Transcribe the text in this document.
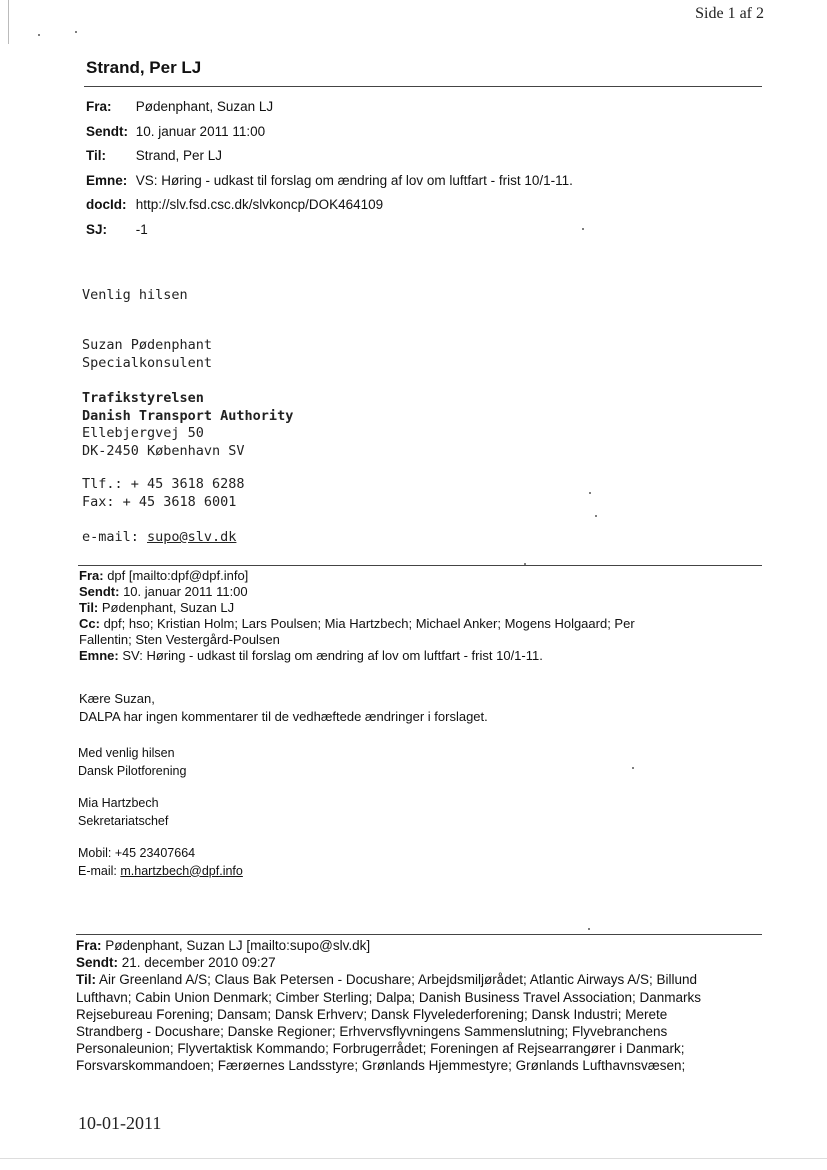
Side 1 af 2
Strand, Per LJ
Fra: Pødenphant, Suzan LJ
Sendt: 10. januar 2011 11:00
Til: Strand, Per LJ
Emne: VS: Høring - udkast til forslag om ændring af lov om luftfart - frist 10/1-11.
docId: http://slv.fsd.csc.dk/slvkoncp/DOK464109
SJ: -1
Venlig hilsen
Suzan Pødenphant
Specialkonsulent
Trafikstyrelsen
Danish Transport Authority
Ellebjergvej 50
DK-2450 København SV
Tlf.: + 45 3618 6288
Fax: + 45 3618 6001
e-mail: supo@slv.dk
Fra: dpf [mailto:dpf@dpf.info]
Sendt: 10. januar 2011 11:00
Til: Pødenphant, Suzan LJ
Cc: dpf; hso; Kristian Holm; Lars Poulsen; Mia Hartzbech; Michael Anker; Mogens Holgaard; Per Fallentin; Sten Vestergård-Poulsen
Emne: SV: Høring - udkast til forslag om ændring af lov om luftfart - frist 10/1-11.
Kære Suzan,
DALPA har ingen kommentarer til de vedhæftede ændringer i forslaget.
Med venlig hilsen
Dansk Pilotforening
Mia Hartzbech
Sekretariatschef
Mobil: +45 23407664
E-mail: m.hartzbech@dpf.info
Fra: Pødenphant, Suzan LJ [mailto:supo@slv.dk]
Sendt: 21. december 2010 09:27
Til: Air Greenland A/S; Claus Bak Petersen - Docushare; Arbejdsmiljørådet; Atlantic Airways A/S; Billund
Lufthavn; Cabin Union Denmark; Cimber Sterling; Dalpa; Danish Business Travel Association; Danmarks
Rejsebureau Forening; Dansam; Dansk Erhverv; Dansk Flyvelederforening; Dansk Industri; Merete
Strandberg - Docushare; Danske Regioner; Erhvervsflyvningens Sammenslutning; Flyvebranchens
Personaleunion; Flyvertaktisk Kommando; Forbrugerrådet; Foreningen af Rejsearrangører i Danmark;
Forsvarskommandoen; Færøernes Landsstyre; Grønlands Hjemmestyre; Grønlands Lufthavnsvæsen;
10-01-2011
